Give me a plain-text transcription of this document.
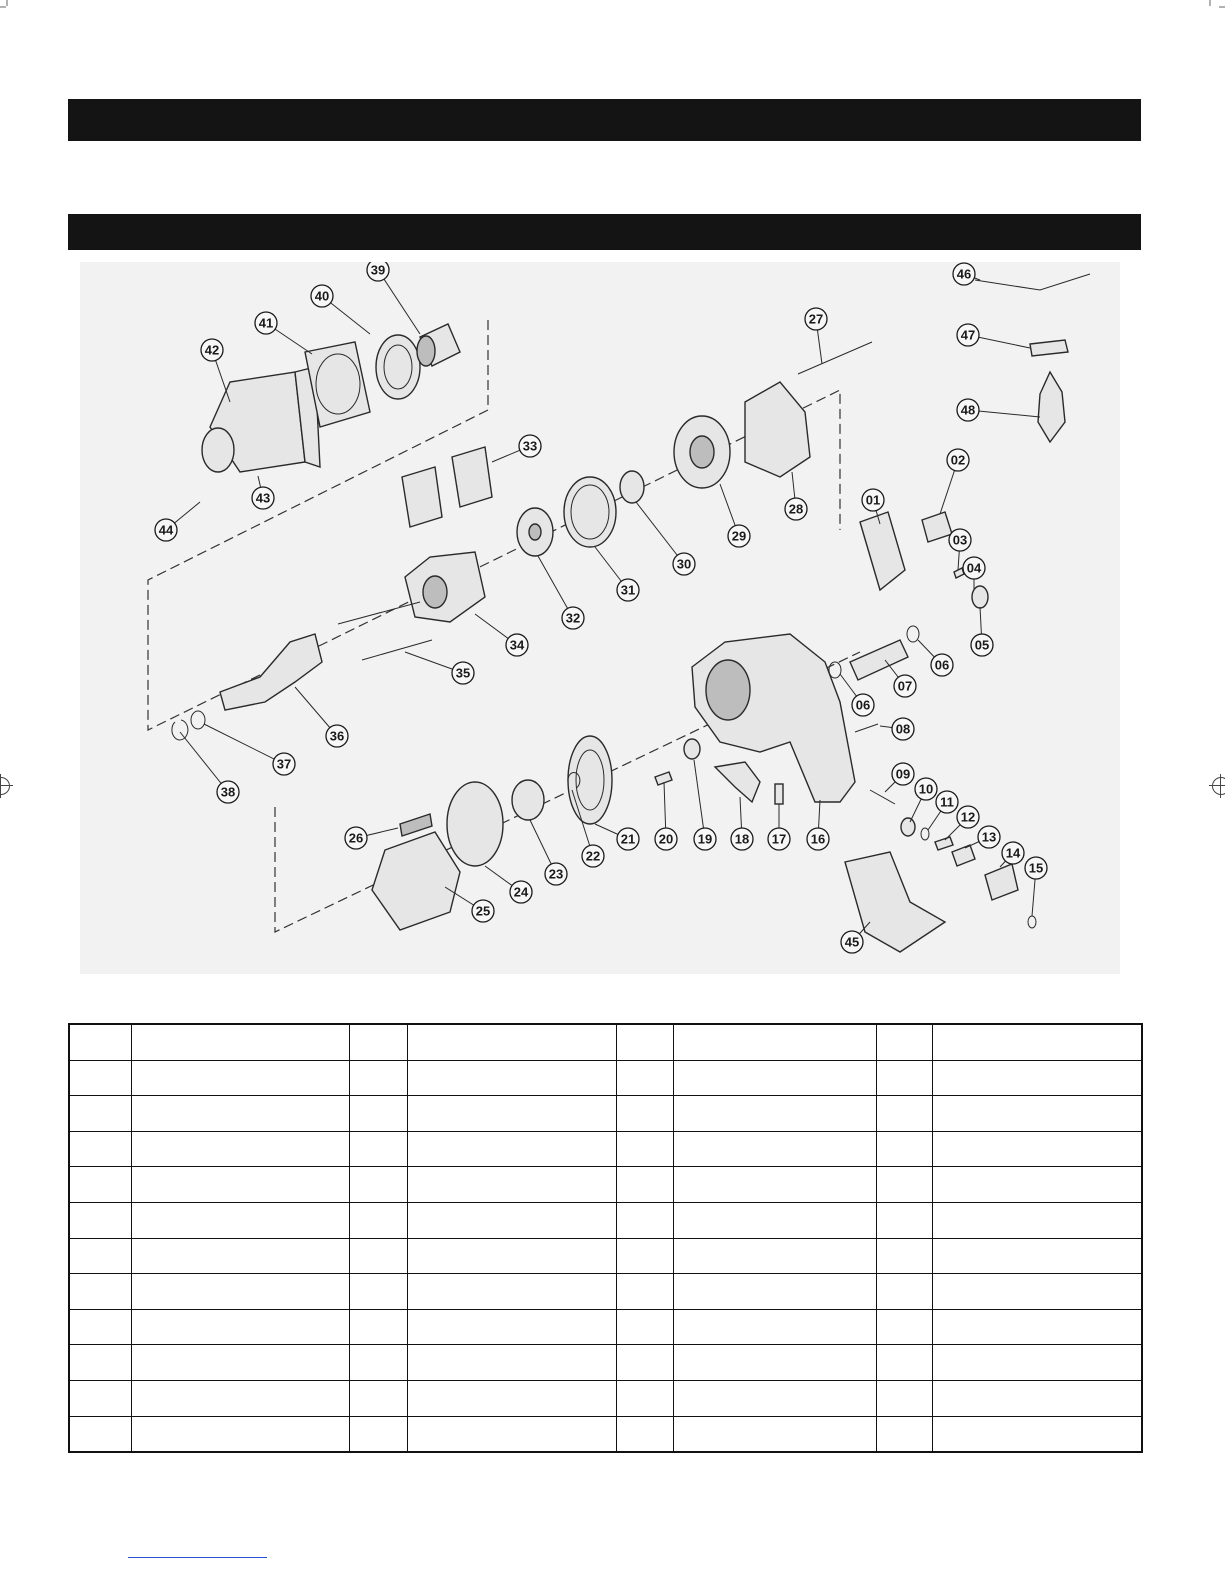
01
02
03
04
05
06
06
07
08
09
10
11
12
13
14
15
16
17
18
19
20
21
22
23
24
25
26
27
28
29
30
31
32
33
34
35
36
37
38
39
40
41
42
43
44
45
46
47
48
